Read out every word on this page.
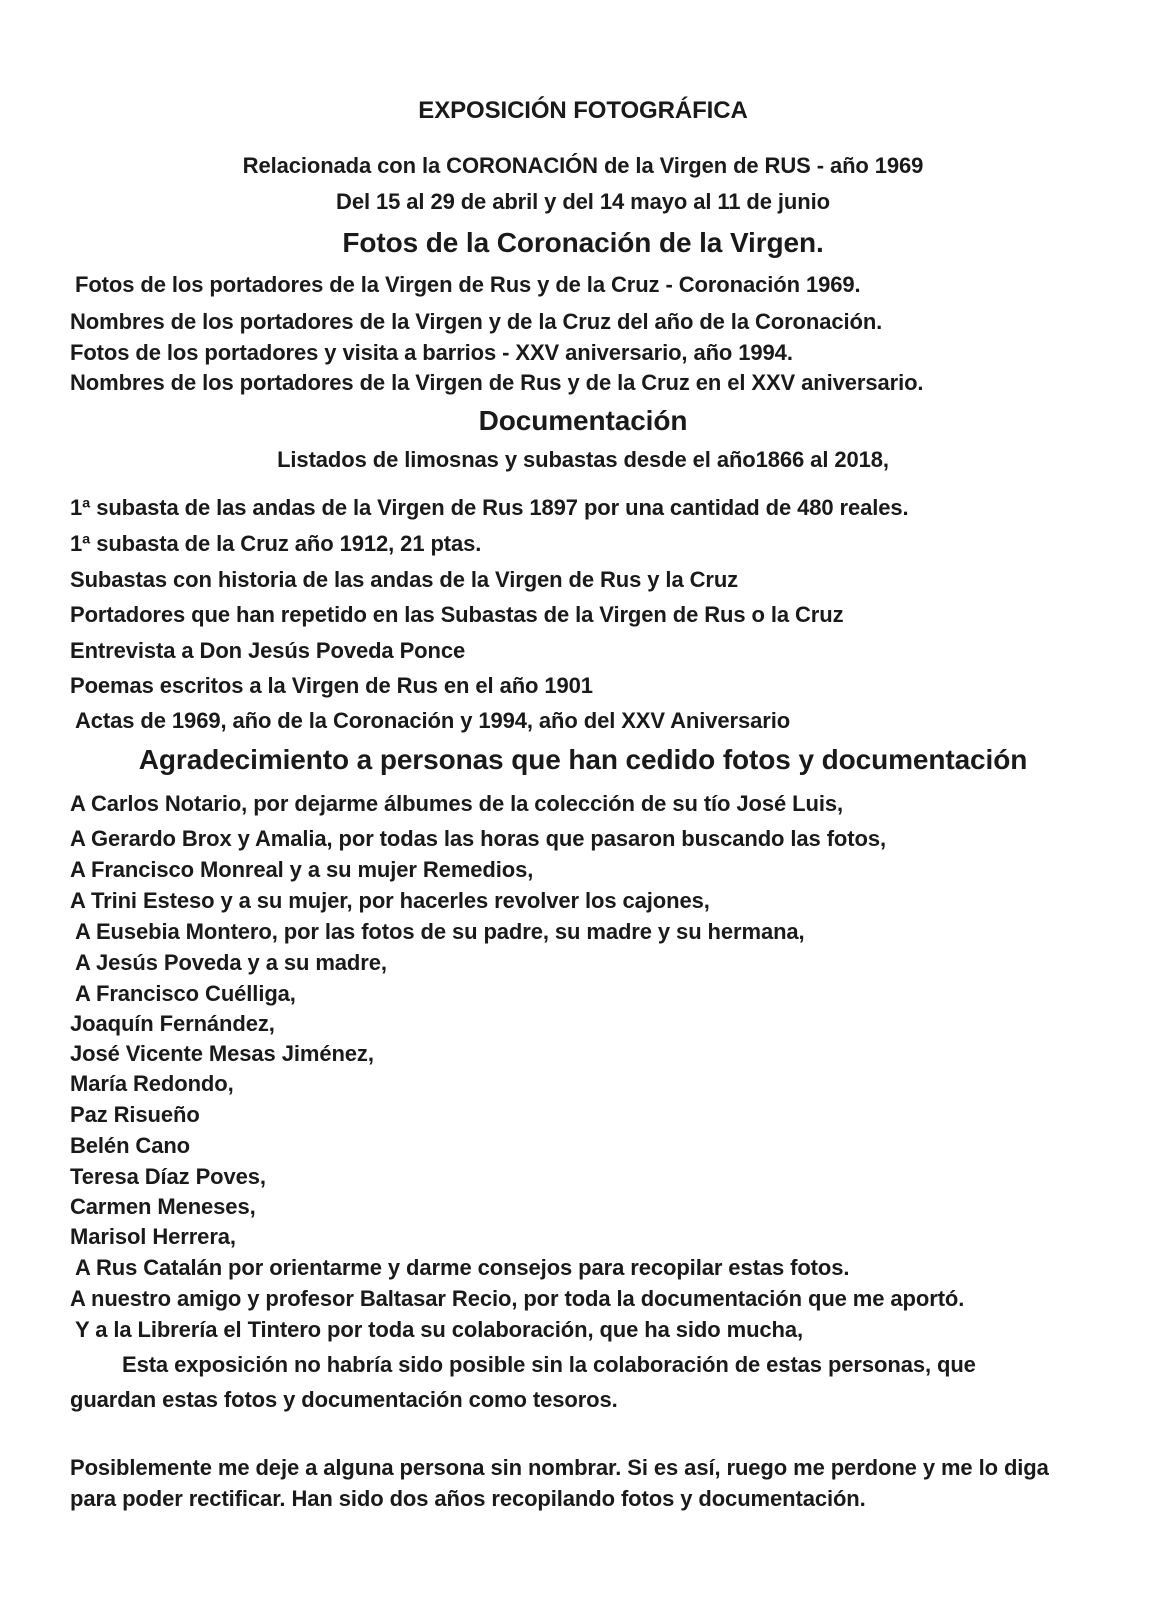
EXPOSICIÓN FOTOGRÁFICA
Relacionada con la CORONACIÓN de la Virgen de RUS - año 1969
Del 15 al 29 de abril y del 14 mayo al 11 de junio
Fotos de la Coronación de la Virgen.
Fotos de los portadores de la Virgen de Rus y de la Cruz - Coronación 1969.
Nombres de los portadores de la Virgen y de la Cruz del año de la Coronación.
Fotos de los portadores y visita a barrios - XXV aniversario, año 1994.
Nombres de los portadores de la Virgen de Rus y de la Cruz en el XXV aniversario.
Documentación
Listados de limosnas y subastas desde el año1866 al 2018,
1ª subasta de las andas de la Virgen de Rus 1897 por una cantidad de 480 reales.
1ª subasta de la Cruz año 1912, 21 ptas.
Subastas con historia de las andas de la Virgen de Rus y la Cruz
Portadores que han repetido en las Subastas de la Virgen de Rus o la Cruz
Entrevista a Don Jesús Poveda Ponce
Poemas escritos a la Virgen de Rus en el año 1901
Actas de 1969, año de la Coronación y 1994, año del XXV Aniversario
Agradecimiento a personas que han cedido fotos y documentación
A Carlos Notario, por dejarme álbumes de la colección de su tío José Luis,
A Gerardo Brox y Amalia, por todas las horas que pasaron buscando las fotos,
A Francisco Monreal y a su mujer Remedios,
A Trini Esteso y a su mujer, por hacerles revolver los cajones,
A Eusebia Montero, por las fotos de su padre, su madre y su hermana,
A Jesús Poveda y a su madre,
A Francisco Cuélliga,
Joaquín Fernández,
José Vicente Mesas Jiménez,
María Redondo,
Paz Risueño
Belén Cano
Teresa Díaz Poves,
Carmen Meneses,
Marisol Herrera,
A Rus Catalán por orientarme y darme consejos para recopilar estas fotos.
A nuestro amigo y profesor Baltasar Recio, por toda la documentación que me aportó.
Y a la Librería el Tintero por toda su colaboración, que ha sido mucha,
Esta exposición no habría sido posible sin la colaboración de estas personas, que
guardan estas fotos y documentación como tesoros.
Posiblemente me deje a alguna persona sin nombrar. Si es así, ruego me perdone y me lo diga
para poder rectificar. Han sido dos años recopilando fotos y documentación.
